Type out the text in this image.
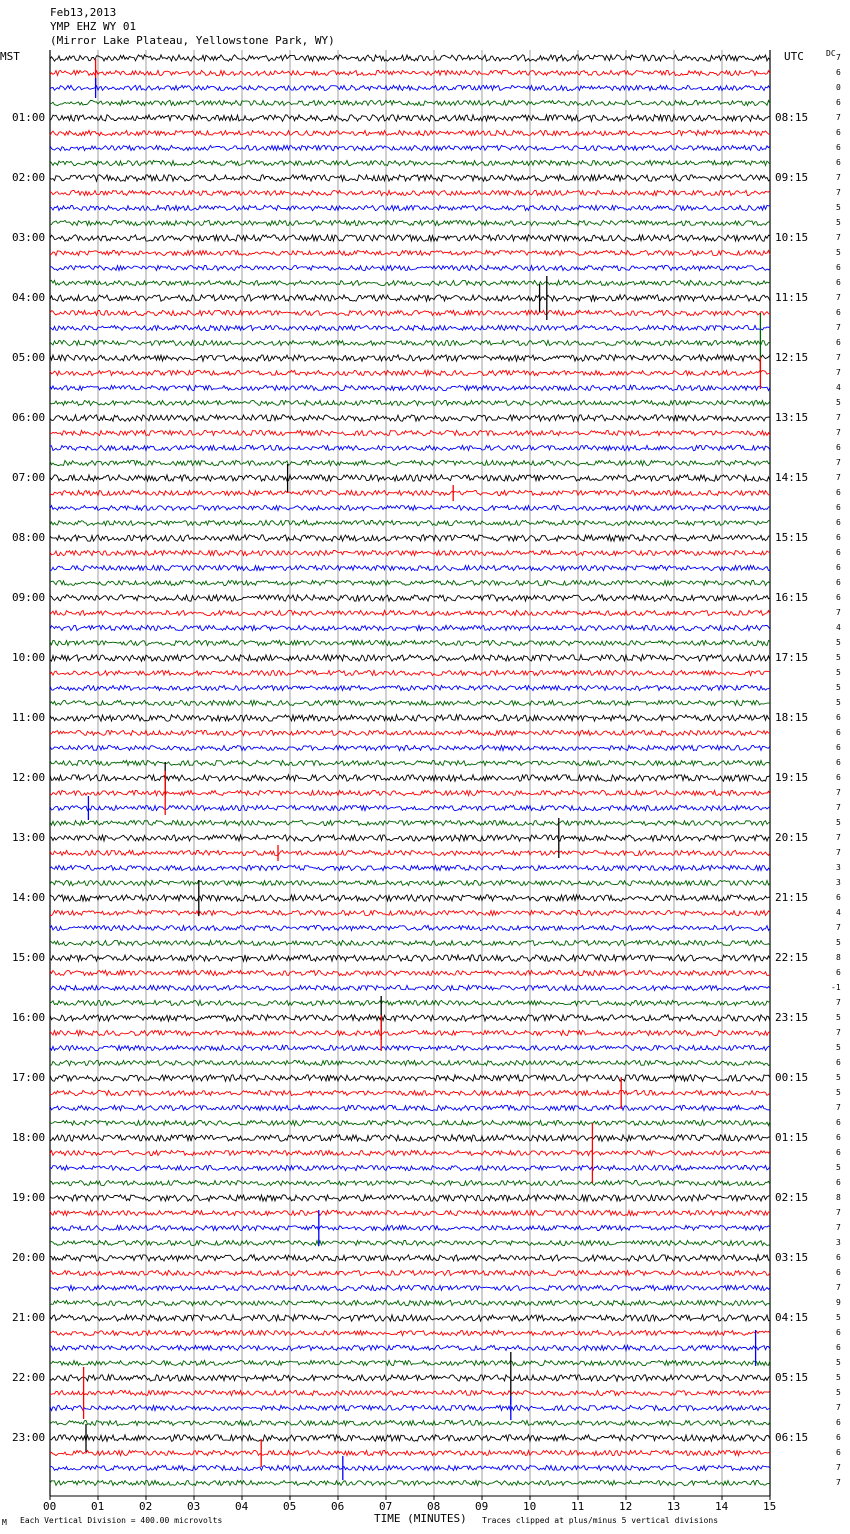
Feb13,2013
YMP EHZ WY 01
(Mirror Lake Plateau, Yellowstone Park, WY)
MST	UTC	DC
01:00
02:00
03:00
04:00
05:00
06:00
07:00
08:00
09:00
10:00
11:00
12:00
13:00
14:00
15:00
16:00
17:00
18:00
19:00
20:00
21:00
22:00
23:00
08:15
09:15
10:15
11:15
12:15
13:15
14:15
15:15
16:15
17:15
18:15
19:15
20:15
21:15
22:15
23:15
00:15
01:15
02:15
03:15
04:15
05:15
06:15
7
6
0
6
7
6
6
6
7
7
5
5
7
5
6
6
7
6
7
6
7
7
4
5
7
7
6
7
7
6
6
6
6
6
6
6
6
7
4
5
5
5
5
5
6
6
6
6
6
7
7
5
7
7
3
3
6
4
7
5
8
6
-1
7
5
7
5
6
5
5
7
6
6
6
5
6
8
7
7
3
6
6
7
9
5
6
6
5
5
5
7
6
6
6
7
7
00	01	02	03	04	05	06	07	08	09	10	11	12	13	14	15
TIME (MINUTES)
M Each Vertical Division = 400.00 microvolts	Traces clipped at plus/minus 5 vertical divisions
